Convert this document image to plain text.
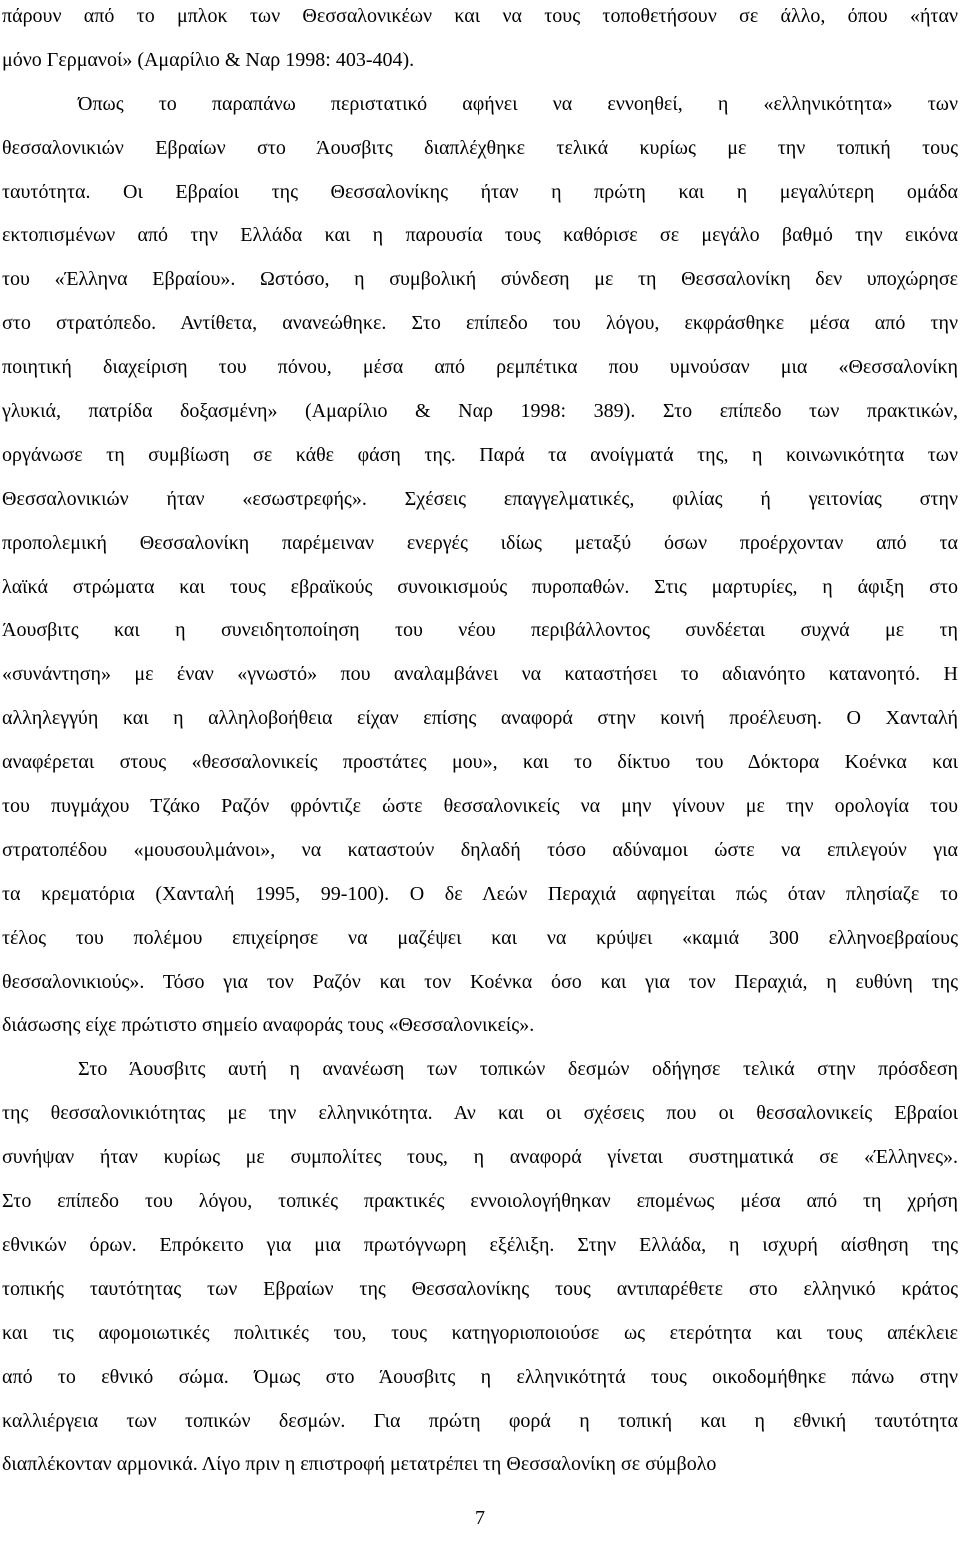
πάρουν από το μπλοκ των Θεσσαλονικέων και να τους τοποθετήσουν σε άλλο, όπου «ήταν
μόνο Γερμανοί» (Αμαρίλιο & Ναρ 1998: 403-404).
Όπως το παραπάνω περιστατικό αφήνει να εννοηθεί, η «ελληνικότητα» των
θεσσαλονικιών Εβραίων στο Άουσβιτς διαπλέχθηκε τελικά κυρίως με την τοπική τους
ταυτότητα. Οι Εβραίοι της Θεσσαλονίκης ήταν η πρώτη και η μεγαλύτερη ομάδα
εκτοπισμένων από την Ελλάδα και η παρουσία τους καθόρισε σε μεγάλο βαθμό την εικόνα
του «Έλληνα Εβραίου». Ωστόσο, η συμβολική σύνδεση με τη Θεσσαλονίκη δεν υποχώρησε
στο στρατόπεδο. Αντίθετα, ανανεώθηκε. Στο επίπεδο του λόγου, εκφράσθηκε μέσα από την
ποιητική διαχείριση του πόνου, μέσα από ρεμπέτικα που υμνούσαν μια «Θεσσαλονίκη
γλυκιά, πατρίδα δοξασμένη» (Αμαρίλιο & Ναρ 1998: 389). Στο επίπεδο των πρακτικών,
οργάνωσε τη συμβίωση σε κάθε φάση της. Παρά τα ανοίγματά της, η κοινωνικότητα των
Θεσσαλονικιών ήταν «εσωστρεφής». Σχέσεις επαγγελματικές, φιλίας ή γειτονίας στην
προπολεμική Θεσσαλονίκη παρέμειναν ενεργές ιδίως μεταξύ όσων προέρχονταν από τα
λαϊκά στρώματα και τους εβραϊκούς συνοικισμούς πυροπαθών. Στις μαρτυρίες, η άφιξη στο
Άουσβιτς και η συνειδητοποίηση του νέου περιβάλλοντος συνδέεται συχνά με τη
«συνάντηση» με έναν «γνωστό» που αναλαμβάνει να καταστήσει το αδιανόητο κατανοητό. Η
αλληλεγγύη και η αλληλοβοήθεια είχαν επίσης αναφορά στην κοινή προέλευση. Ο Χανταλή
αναφέρεται στους «θεσσαλονικείς προστάτες μου», και το δίκτυο του Δόκτορα Κοένκα και
του πυγμάχου Τζάκο Ραζόν φρόντιζε ώστε θεσσαλονικείς να μην γίνουν με την ορολογία του
στρατοπέδου «μουσουλμάνοι», να καταστούν δηλαδή τόσο αδύναμοι ώστε να επιλεγούν για
τα κρεματόρια (Χανταλή 1995, 99-100). Ο δε Λεών Περαχιά αφηγείται πώς όταν πλησίαζε το
τέλος του πολέμου επιχείρησε να μαζέψει και να κρύψει «καμιά 300 ελληνοεβραίους
θεσσαλονικιούς». Τόσο για τον Ραζόν και τον Κοένκα όσο και για τον Περαχιά, η ευθύνη της
διάσωσης είχε πρώτιστο σημείο αναφοράς τους «Θεσσαλονικείς».
Στο Άουσβιτς αυτή η ανανέωση των τοπικών δεσμών οδήγησε τελικά στην πρόσδεση
της θεσσαλονικιότητας με την ελληνικότητα. Αν και οι σχέσεις που οι θεσσαλονικείς Εβραίοι
συνήψαν ήταν κυρίως με συμπολίτες τους, η αναφορά γίνεται συστηματικά σε «Έλληνες».
Στο επίπεδο του λόγου, τοπικές πρακτικές εννοιολογήθηκαν επομένως μέσα από τη χρήση
εθνικών όρων. Επρόκειτο για μια πρωτόγνωρη εξέλιξη. Στην Ελλάδα, η ισχυρή αίσθηση της
τοπικής ταυτότητας των Εβραίων της Θεσσαλονίκης τους αντιπαρέθετε στο ελληνικό κράτος
και τις αφομοιωτικές πολιτικές του, τους κατηγοριοποιούσε ως ετερότητα και τους απέκλειε
από το εθνικό σώμα. Όμως στο Άουσβιτς η ελληνικότητά τους οικοδομήθηκε πάνω στην
καλλιέργεια των τοπικών δεσμών. Για πρώτη φορά η τοπική και η εθνική ταυτότητα
διαπλέκονταν αρμονικά. Λίγο πριν η επιστροφή μετατρέπει τη Θεσσαλονίκη σε σύμβολο
7
